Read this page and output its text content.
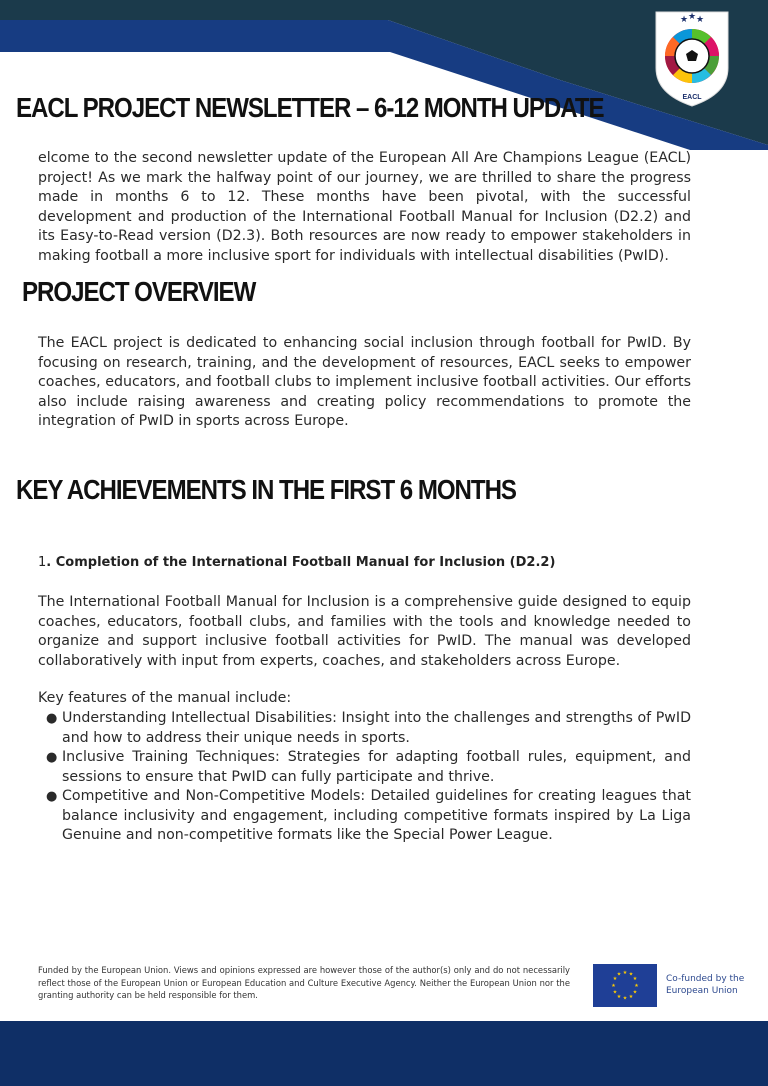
★ ★ ★
EACL
EACL PROJECT NEWSLETTER – 6-12 MONTH UPDATE

elcome to the second newsletter update of the European All Are Champions League (EACL) project! As we mark the halfway point of our journey, we are thrilled to share the progress made in months 6 to 12. These months have been pivotal, with the successful development and production of the International Football Manual for Inclusion (D2.2) and its Easy-to-Read version (D2.3). Both resources are now ready to empower stakeholders in making football a more inclusive sport for individuals with intellectual disabilities (PwID).

PROJECT OVERVIEW

The EACL project is dedicated to enhancing social inclusion through football for PwID. By focusing on research, training, and the development of resources, EACL seeks to empower coaches, educators, and football clubs to implement inclusive football activities. Our efforts also include raising awareness and creating policy recommendations to promote the integration of PwID in sports across Europe.

KEY ACHIEVEMENTS IN THE FIRST 6 MONTHS
1. Completion of the International Football Manual for Inclusion (D2.2)

The International Football Manual for Inclusion is a comprehensive guide designed to equip coaches, educators, football clubs, and families with the tools and knowledge needed to organize and support inclusive football activities for PwID. The manual was developed collaboratively with input from experts, coaches, and stakeholders across Europe.

Key features of the manual include:

● Understanding Intellectual Disabilities: Insight into the challenges and strengths of PwID and how to address their unique needs in sports.
● Inclusive Training Techniques: Strategies for adapting football rules, equipment, and sessions to ensure that PwID can fully participate and thrive.
● Competitive and Non-Competitive Models: Detailed guidelines for creating leagues that balance inclusivity and engagement, including competitive formats inspired by La Liga Genuine and non-competitive formats like the Special Power League.

Funded by the European Union. Views and opinions expressed are however those of the author(s) only and do not necessarily reflect those of the European Union or European Education and Culture Executive Agency. Neither the European Union nor the granting authority can be held responsible for them.

★ ★
★
★
★
★
★
★
★
★
★
★	Co-funded by the
European Union
